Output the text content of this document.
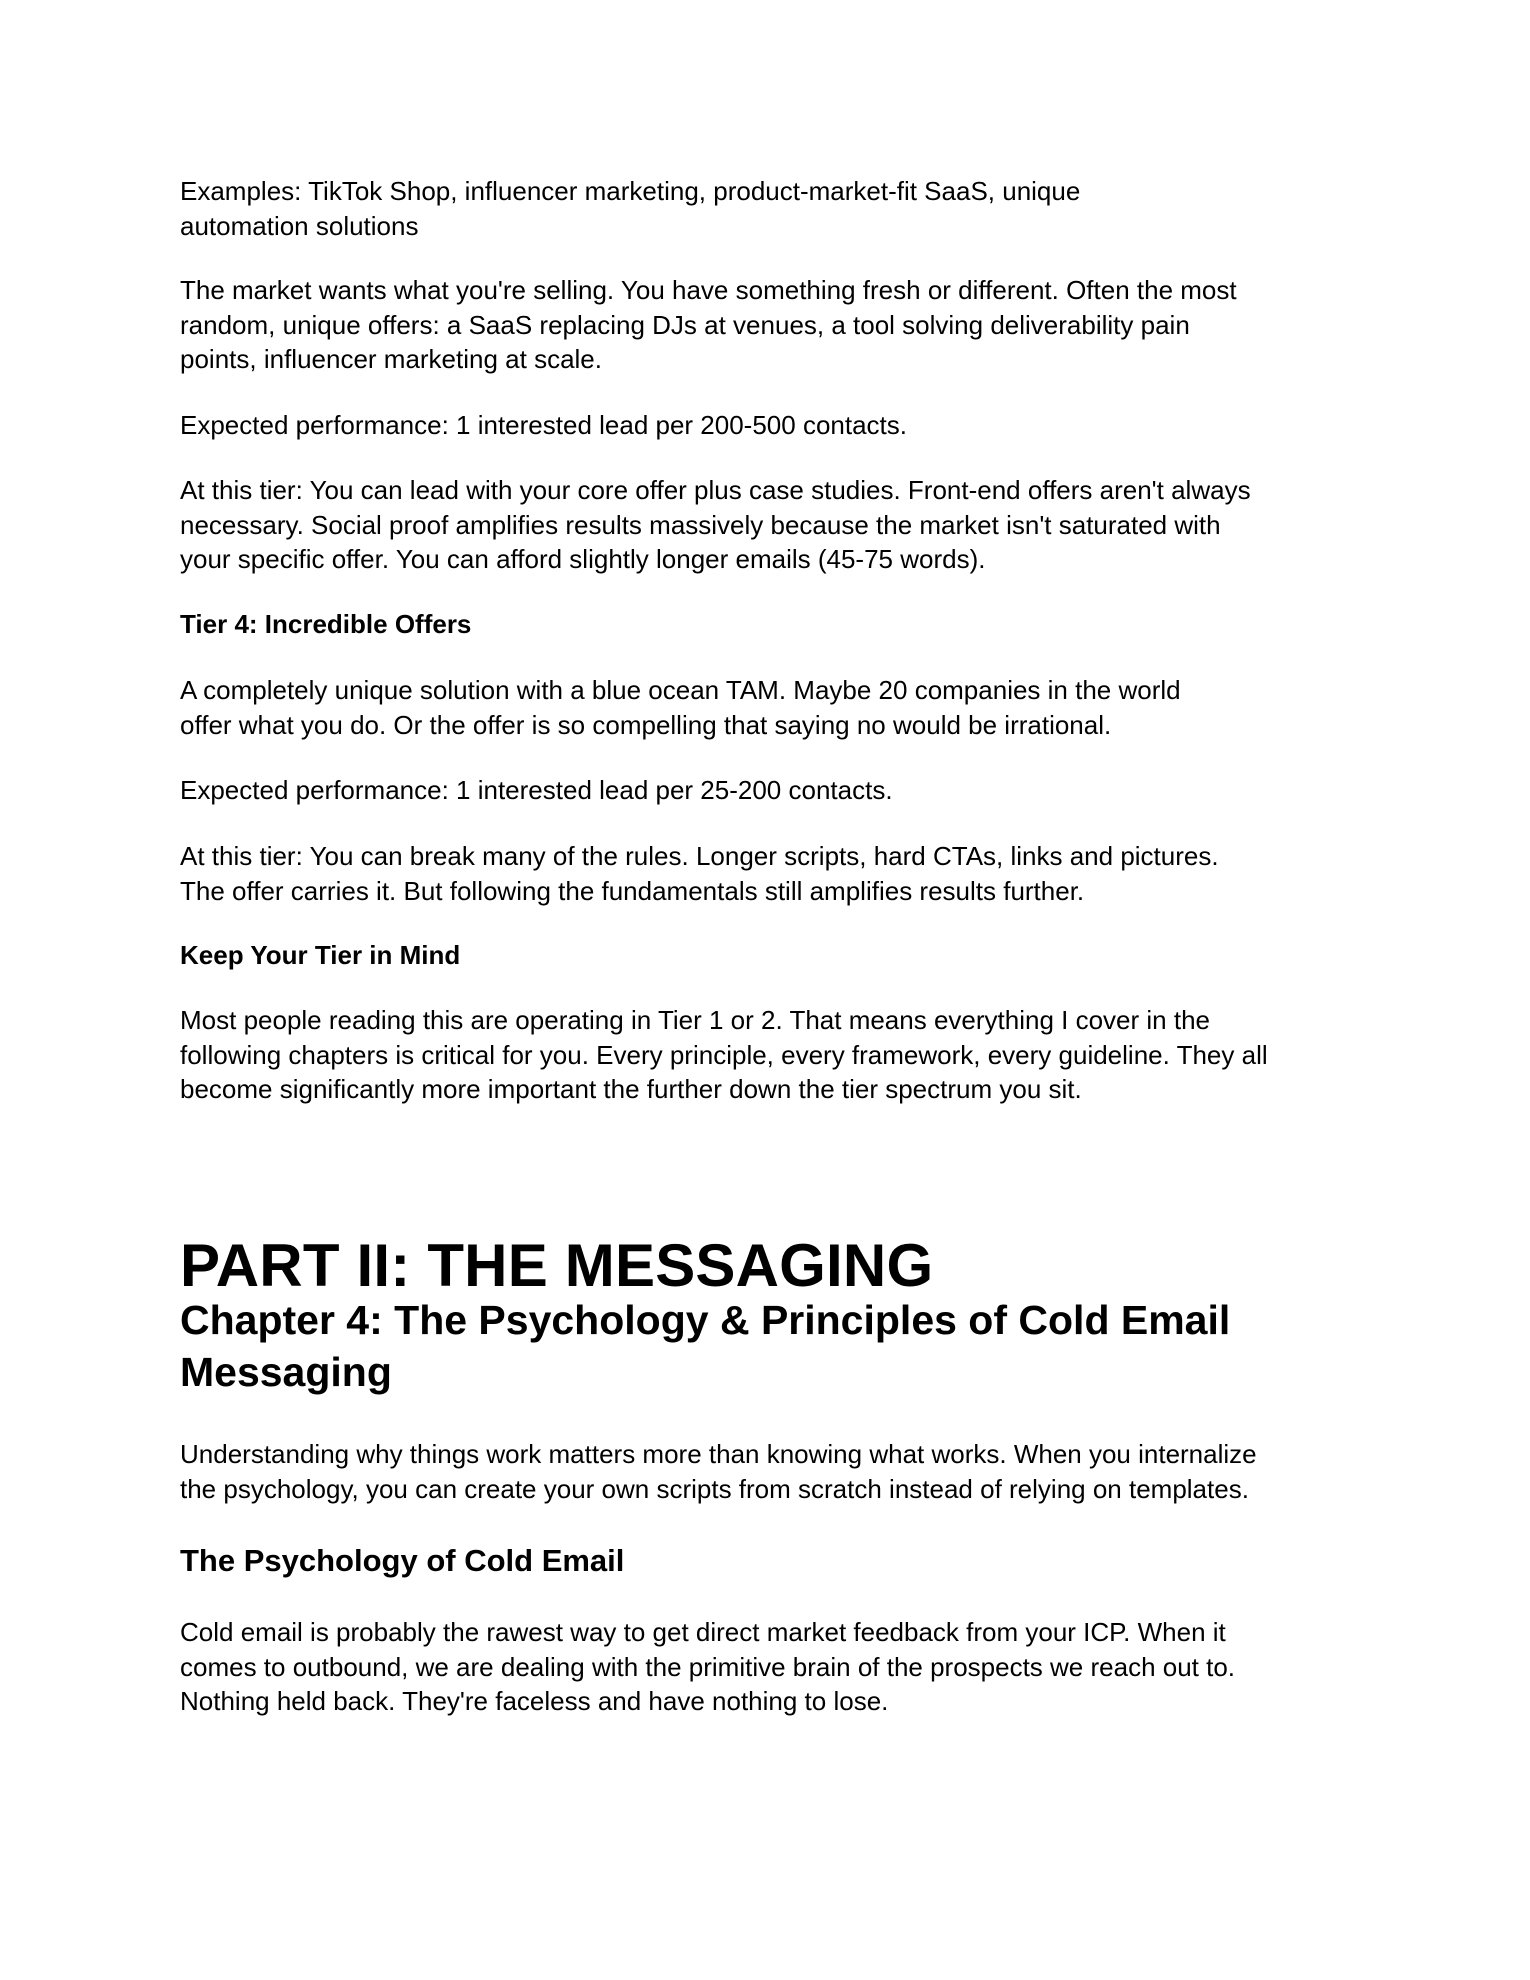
Examples: TikTok Shop, influencer marketing, product-market-fit SaaS, unique
automation solutions

The market wants what you're selling. You have something fresh or different. Often the most
random, unique offers: a SaaS replacing DJs at venues, a tool solving deliverability pain
points, influencer marketing at scale.

Expected performance: 1 interested lead per 200-500 contacts.

At this tier: You can lead with your core offer plus case studies. Front-end offers aren't always
necessary. Social proof amplifies results massively because the market isn't saturated with
your specific offer. You can afford slightly longer emails (45-75 words).

Tier 4: Incredible Offers

A completely unique solution with a blue ocean TAM. Maybe 20 companies in the world
offer what you do. Or the offer is so compelling that saying no would be irrational.

Expected performance: 1 interested lead per 25-200 contacts.

At this tier: You can break many of the rules. Longer scripts, hard CTAs, links and pictures.
The offer carries it. But following the fundamentals still amplifies results further.

Keep Your Tier in Mind

Most people reading this are operating in Tier 1 or 2. That means everything I cover in the
following chapters is critical for you. Every principle, every framework, every guideline. They all
become significantly more important the further down the tier spectrum you sit.

PART II: THE MESSAGING
Chapter 4: The Psychology & Principles of Cold Email
Messaging

Understanding why things work matters more than knowing what works. When you internalize
the psychology, you can create your own scripts from scratch instead of relying on templates.

The Psychology of Cold Email

Cold email is probably the rawest way to get direct market feedback from your ICP. When it
comes to outbound, we are dealing with the primitive brain of the prospects we reach out to.
Nothing held back. They're faceless and have nothing to lose.
